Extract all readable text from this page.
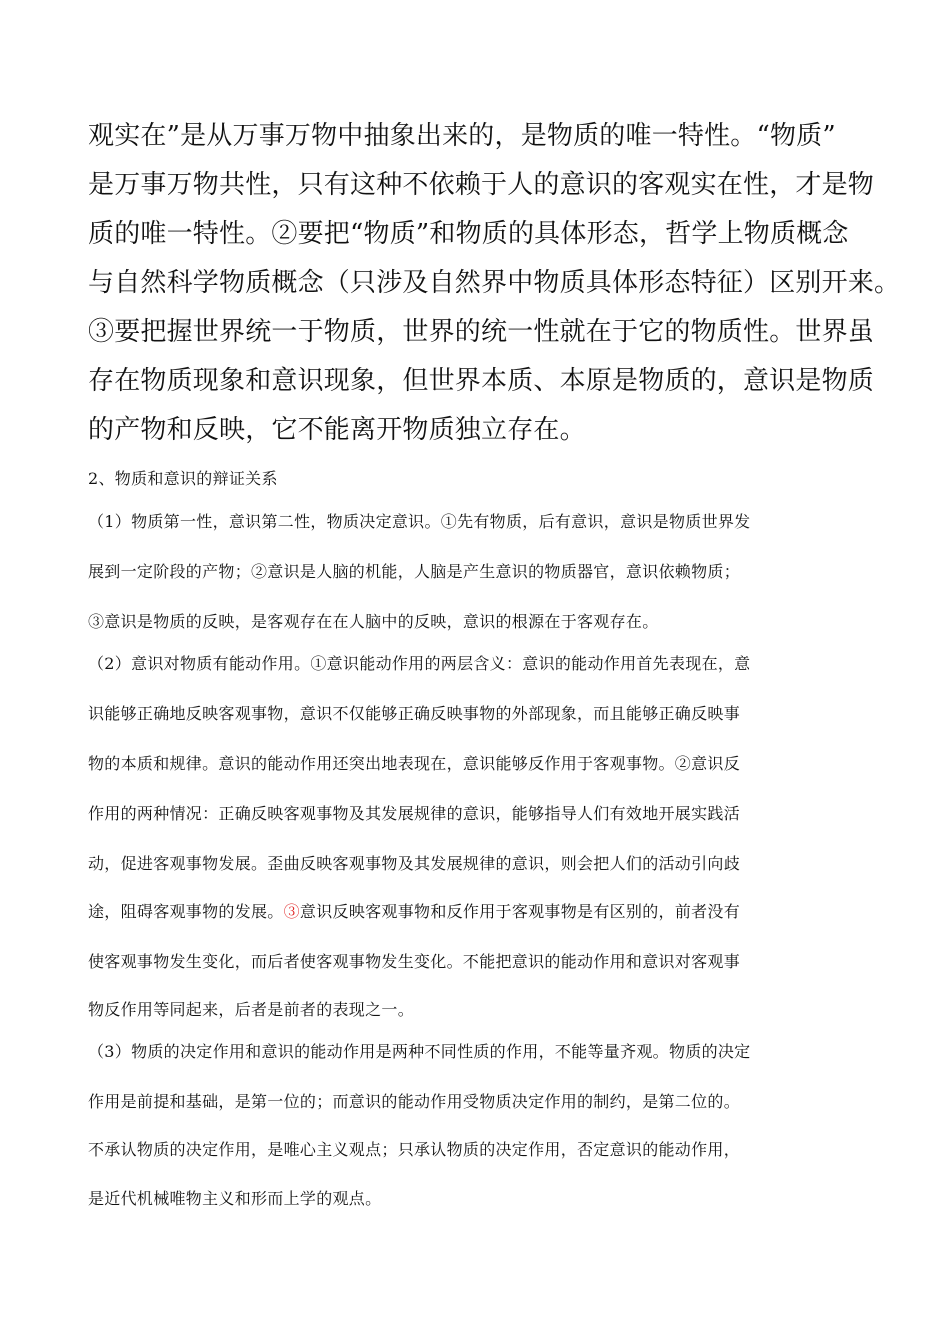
观实在”是从万事万物中抽象出来的，是物质的唯一特性。“物质”
是万事万物共性，只有这种不依赖于人的意识的客观实在性，才是物
质的唯一特性。②要把“物质”和物质的具体形态，哲学上物质概念
与自然科学物质概念（只涉及自然界中物质具体形态特征）区别开来。
③要把握世界统一于物质，世界的统一性就在于它的物质性。世界虽
存在物质现象和意识现象，但世界本质、本原是物质的，意识是物质
的产物和反映，它不能离开物质独立存在。
2、物质和意识的辩证关系
（1）物质第一性，意识第二性，物质决定意识。①先有物质，后有意识，意识是物质世界发
展到一定阶段的产物；②意识是人脑的机能，人脑是产生意识的物质器官，意识依赖物质；
③意识是物质的反映，是客观存在在人脑中的反映，意识的根源在于客观存在。
（2）意识对物质有能动作用。①意识能动作用的两层含义：意识的能动作用首先表现在，意
识能够正确地反映客观事物，意识不仅能够正确反映事物的外部现象，而且能够正确反映事
物的本质和规律。意识的能动作用还突出地表现在，意识能够反作用于客观事物。②意识反
作用的两种情况：正确反映客观事物及其发展规律的意识，能够指导人们有效地开展实践活
动，促进客观事物发展。歪曲反映客观事物及其发展规律的意识，则会把人们的活动引向歧
途，阻碍客观事物的发展。③意识反映客观事物和反作用于客观事物是有区别的，前者没有
使客观事物发生变化，而后者使客观事物发生变化。不能把意识的能动作用和意识对客观事
物反作用等同起来，后者是前者的表现之一。
（3）物质的决定作用和意识的能动作用是两种不同性质的作用，不能等量齐观。物质的决定
作用是前提和基础，是第一位的；而意识的能动作用受物质决定作用的制约，是第二位的。
不承认物质的决定作用，是唯心主义观点；只承认物质的决定作用，否定意识的能动作用，
是近代机械唯物主义和形而上学的观点。
